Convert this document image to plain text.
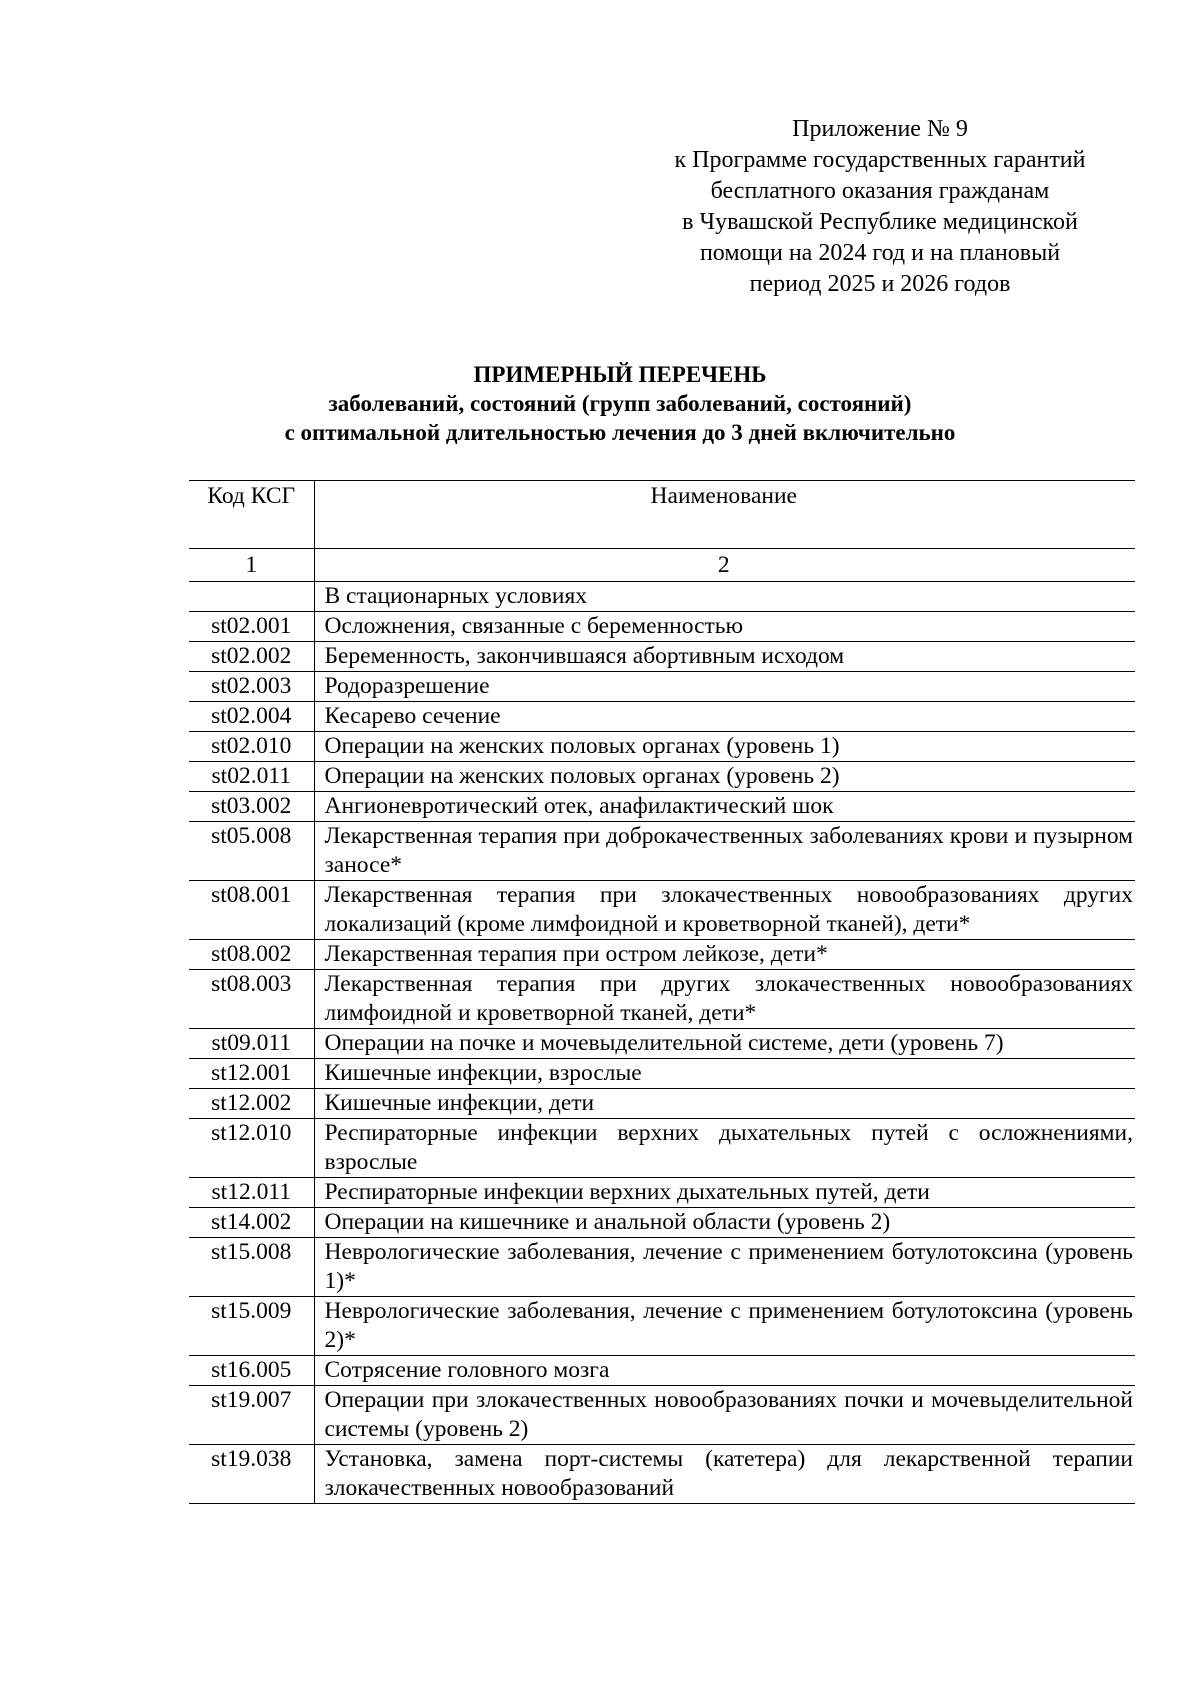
Приложение № 9
к Программе государственных гарантий
бесплатного оказания гражданам
в Чувашской Республике медицинской
помощи на 2024 год и на плановый
период 2025 и 2026 годов
ПРИМЕРНЫЙ ПЕРЕЧЕНЬ
заболеваний, состояний (групп заболеваний, состояний)
с оптимальной длительностью лечения до 3 дней включительно
Код КСГ	Наименование
1	2
	В стационарных условиях
st02.001	Осложнения, связанные с беременностью
st02.002	Беременность, закончившаяся абортивным исходом
st02.003	Родоразрешение
st02.004	Кесарево сечение
st02.010	Операции на женских половых органах (уровень 1)
st02.011	Операции на женских половых органах (уровень 2)
st03.002	Ангионевротический отек, анафилактический шок
st05.008	Лекарственная терапия при доброкачественных заболеваниях крови и пузырном заносе*
st08.001	Лекарственная терапия при злокачественных новообразованиях других локализаций (кроме лимфоидной и кроветворной тканей), дети*
st08.002	Лекарственная терапия при остром лейкозе, дети*
st08.003	Лекарственная терапия при других злокачественных новообразованиях лимфоидной и кроветворной тканей, дети*
st09.011	Операции на почке и мочевыделительной системе, дети (уровень 7)
st12.001	Кишечные инфекции, взрослые
st12.002	Кишечные инфекции, дети
st12.010	Респираторные инфекции верхних дыхательных путей с осложнениями, взрослые
st12.011	Респираторные инфекции верхних дыхательных путей, дети
st14.002	Операции на кишечнике и анальной области (уровень 2)
st15.008	Неврологические заболевания, лечение с применением ботулотоксина (уровень 1)*
st15.009	Неврологические заболевания, лечение с применением ботулотоксина (уровень 2)*
st16.005	Сотрясение головного мозга
st19.007	Операции при злокачественных новообразованиях почки и мочевыделительной системы (уровень 2)
st19.038	Установка, замена порт-системы (катетера) для лекарственной терапии злокачественных новообразований
